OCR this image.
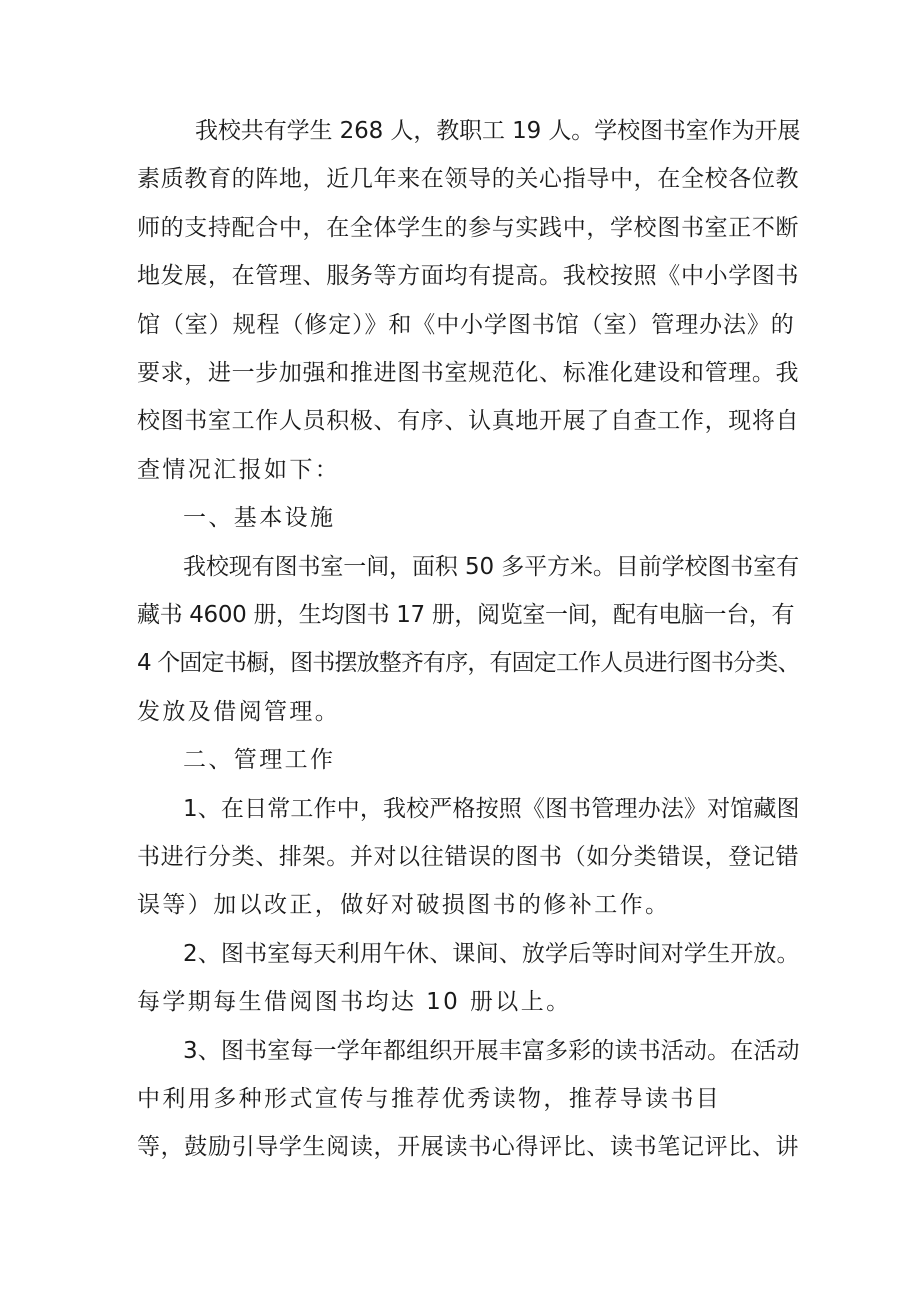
我校共有学生 268 人，教职工 19 人。学校图书室作为开展

素质教育的阵地，近几年来在领导的关心指导中，在全校各位教

师的支持配合中，在全体学生的参与实践中，学校图书室正不断

地发展，在管理、服务等方面均有提高。我校按照《中小学图书

馆（室）规程（修定）》和《中小学图书馆（室）管理办法》的

要求，进一步加强和推进图书室规范化、标准化建设和管理。我

校图书室工作人员积极、有序、认真地开展了自查工作，现将自

查情况汇报如下：

一、基本设施

我校现有图书室一间，面积 50 多平方米。目前学校图书室有

藏书 4600 册，生均图书 17 册，阅览室一间，配有电脑一台，有

4 个固定书橱，图书摆放整齐有序，有固定工作人员进行图书分类、

发放及借阅管理。

二、管理工作

1、在日常工作中，我校严格按照《图书管理办法》对馆藏图

书进行分类、排架。并对以往错误的图书（如分类错误，登记错

误等）加以改正，做好对破损图书的修补工作。

2、图书室每天利用午休、课间、放学后等时间对学生开放。

每学期每生借阅图书均达 10 册以上。

3、图书室每一学年都组织开展丰富多彩的读书活动。在活动

中利用多种形式宣传与推荐优秀读物，推荐导读书目

等，鼓励引导学生阅读，开展读书心得评比、读书笔记评比、讲
